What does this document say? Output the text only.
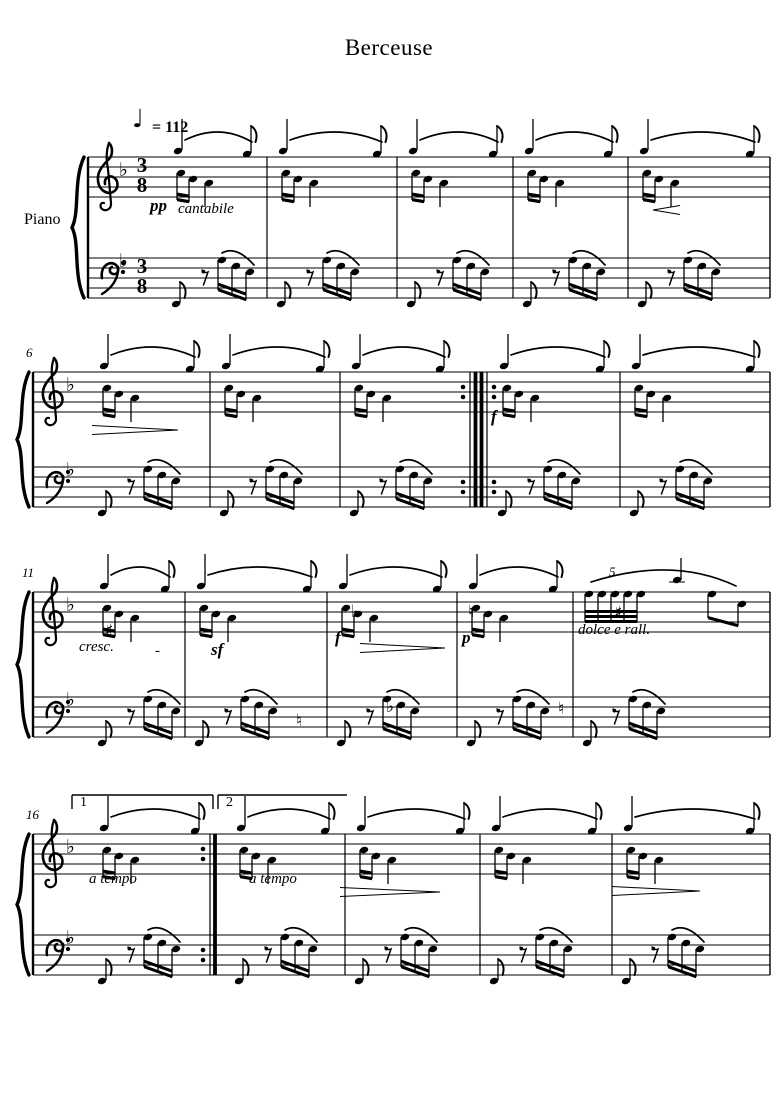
♯
♭	♮	♯
♮
♭	♮
Berceuse
Piano
♩ = 112
3
8
3
8
♭
♭
♭
♭
♭
♭
♭
♭
6
11
16
pp cantabile
f
cresc.	-	sf
f	p	dolce e rall.
5
1	2
a tempo	a tempo
